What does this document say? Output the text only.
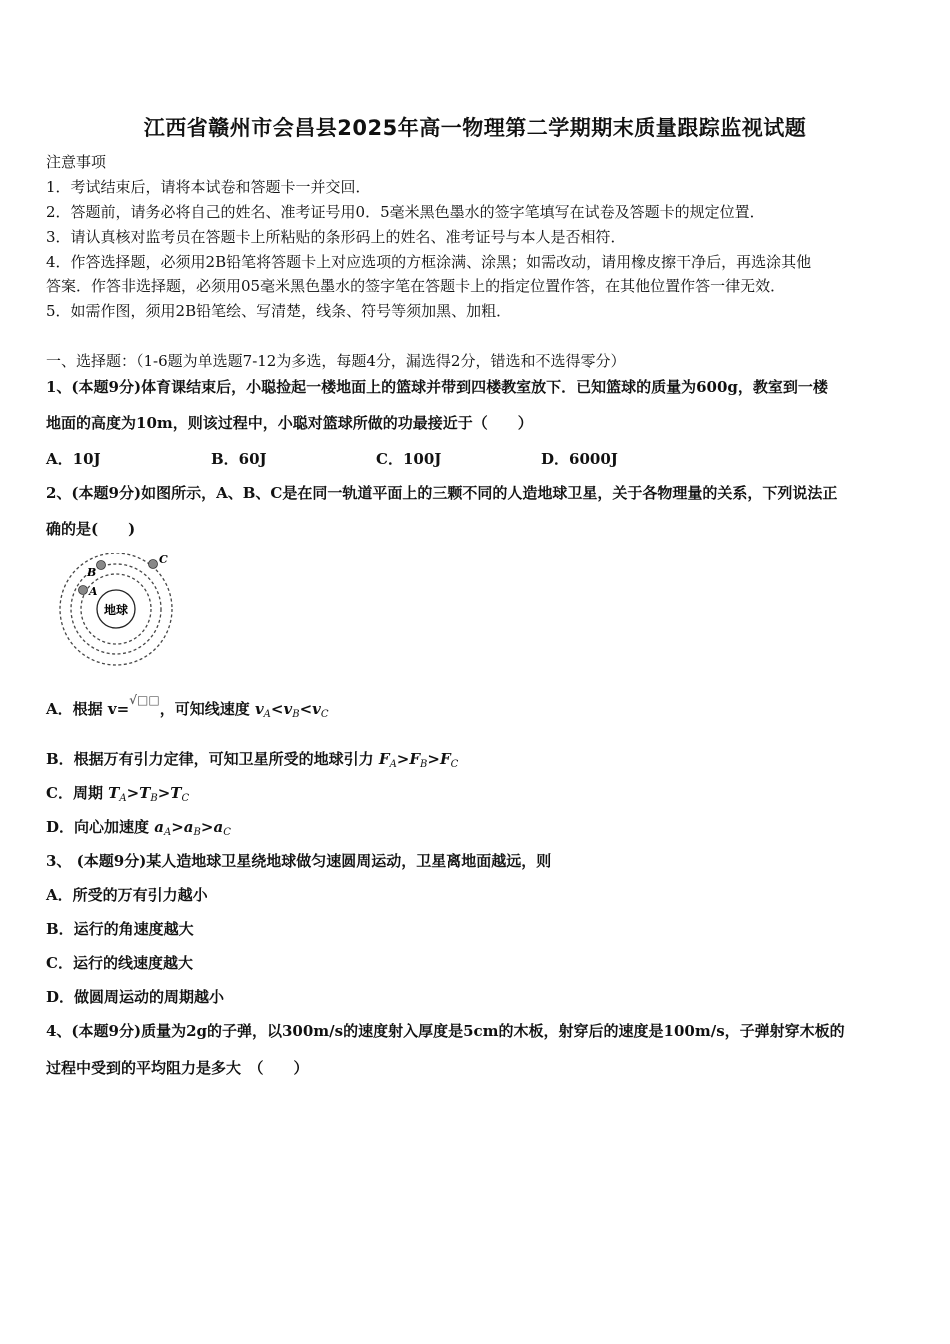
江西省赣州市会昌县2025年高一物理第二学期期末质量跟踪监视试题
注意事项
1．考试结束后，请将本试卷和答题卡一并交回．
2．答题前，请务必将自己的姓名、准考证号用0．5毫米黑色墨水的签字笔填写在试卷及答题卡的规定位置．
3．请认真核对监考员在答题卡上所粘贴的条形码上的姓名、准考证号与本人是否相符．
4．作答选择题，必须用2B铅笔将答题卡上对应选项的方框涂满、涂黑；如需改动，请用橡皮擦干净后，再选涂其他
答案．作答非选择题，必须用05毫米黑色墨水的签字笔在答题卡上的指定位置作答，在其他位置作答一律无效．
5．如需作图，须用2B铅笔绘、写清楚，线条、符号等须加黑、加粗．
一、选择题：（1-6题为单选题7-12为多选，每题4分，漏选得2分，错选和不选得零分）
1、(本题9分)体育课结束后，小聪捡起一楼地面上的篮球并带到四楼教室放下．已知篮球的质量为600g，教室到一楼
地面的高度为10m，则该过程中，小聪对篮球所做的功最接近于（　　）
A．10J	B．60J	C．100J	D．6000J
2、(本题9分)如图所示，A、B、C是在同一轨道平面上的三颗不同的人造地球卫星，关于各物理量的关系，下列说法正
确的是(　　)
地球
A
B
C
A．根据 v=√□□，可知线速度 $v_A<v_B<v_C$
B．根据万有引力定律，可知卫星所受的地球引力 $F_A>F_B>F_C$
C．周期 $T_A>T_B>T_C$
D．向心加速度 $a_A>a_B>a_C$
3、 (本题9分)某人造地球卫星绕地球做匀速圆周运动，卫星离地面越远，则
A．所受的万有引力越小
B．运行的角速度越大
C．运行的线速度越大
D．做圆周运动的周期越小
4、(本题9分)质量为2g的子弹，以300m/s的速度射入厚度是5cm的木板，射穿后的速度是100m/s，子弹射穿木板的
过程中受到的平均阻力是多大　（　　）
